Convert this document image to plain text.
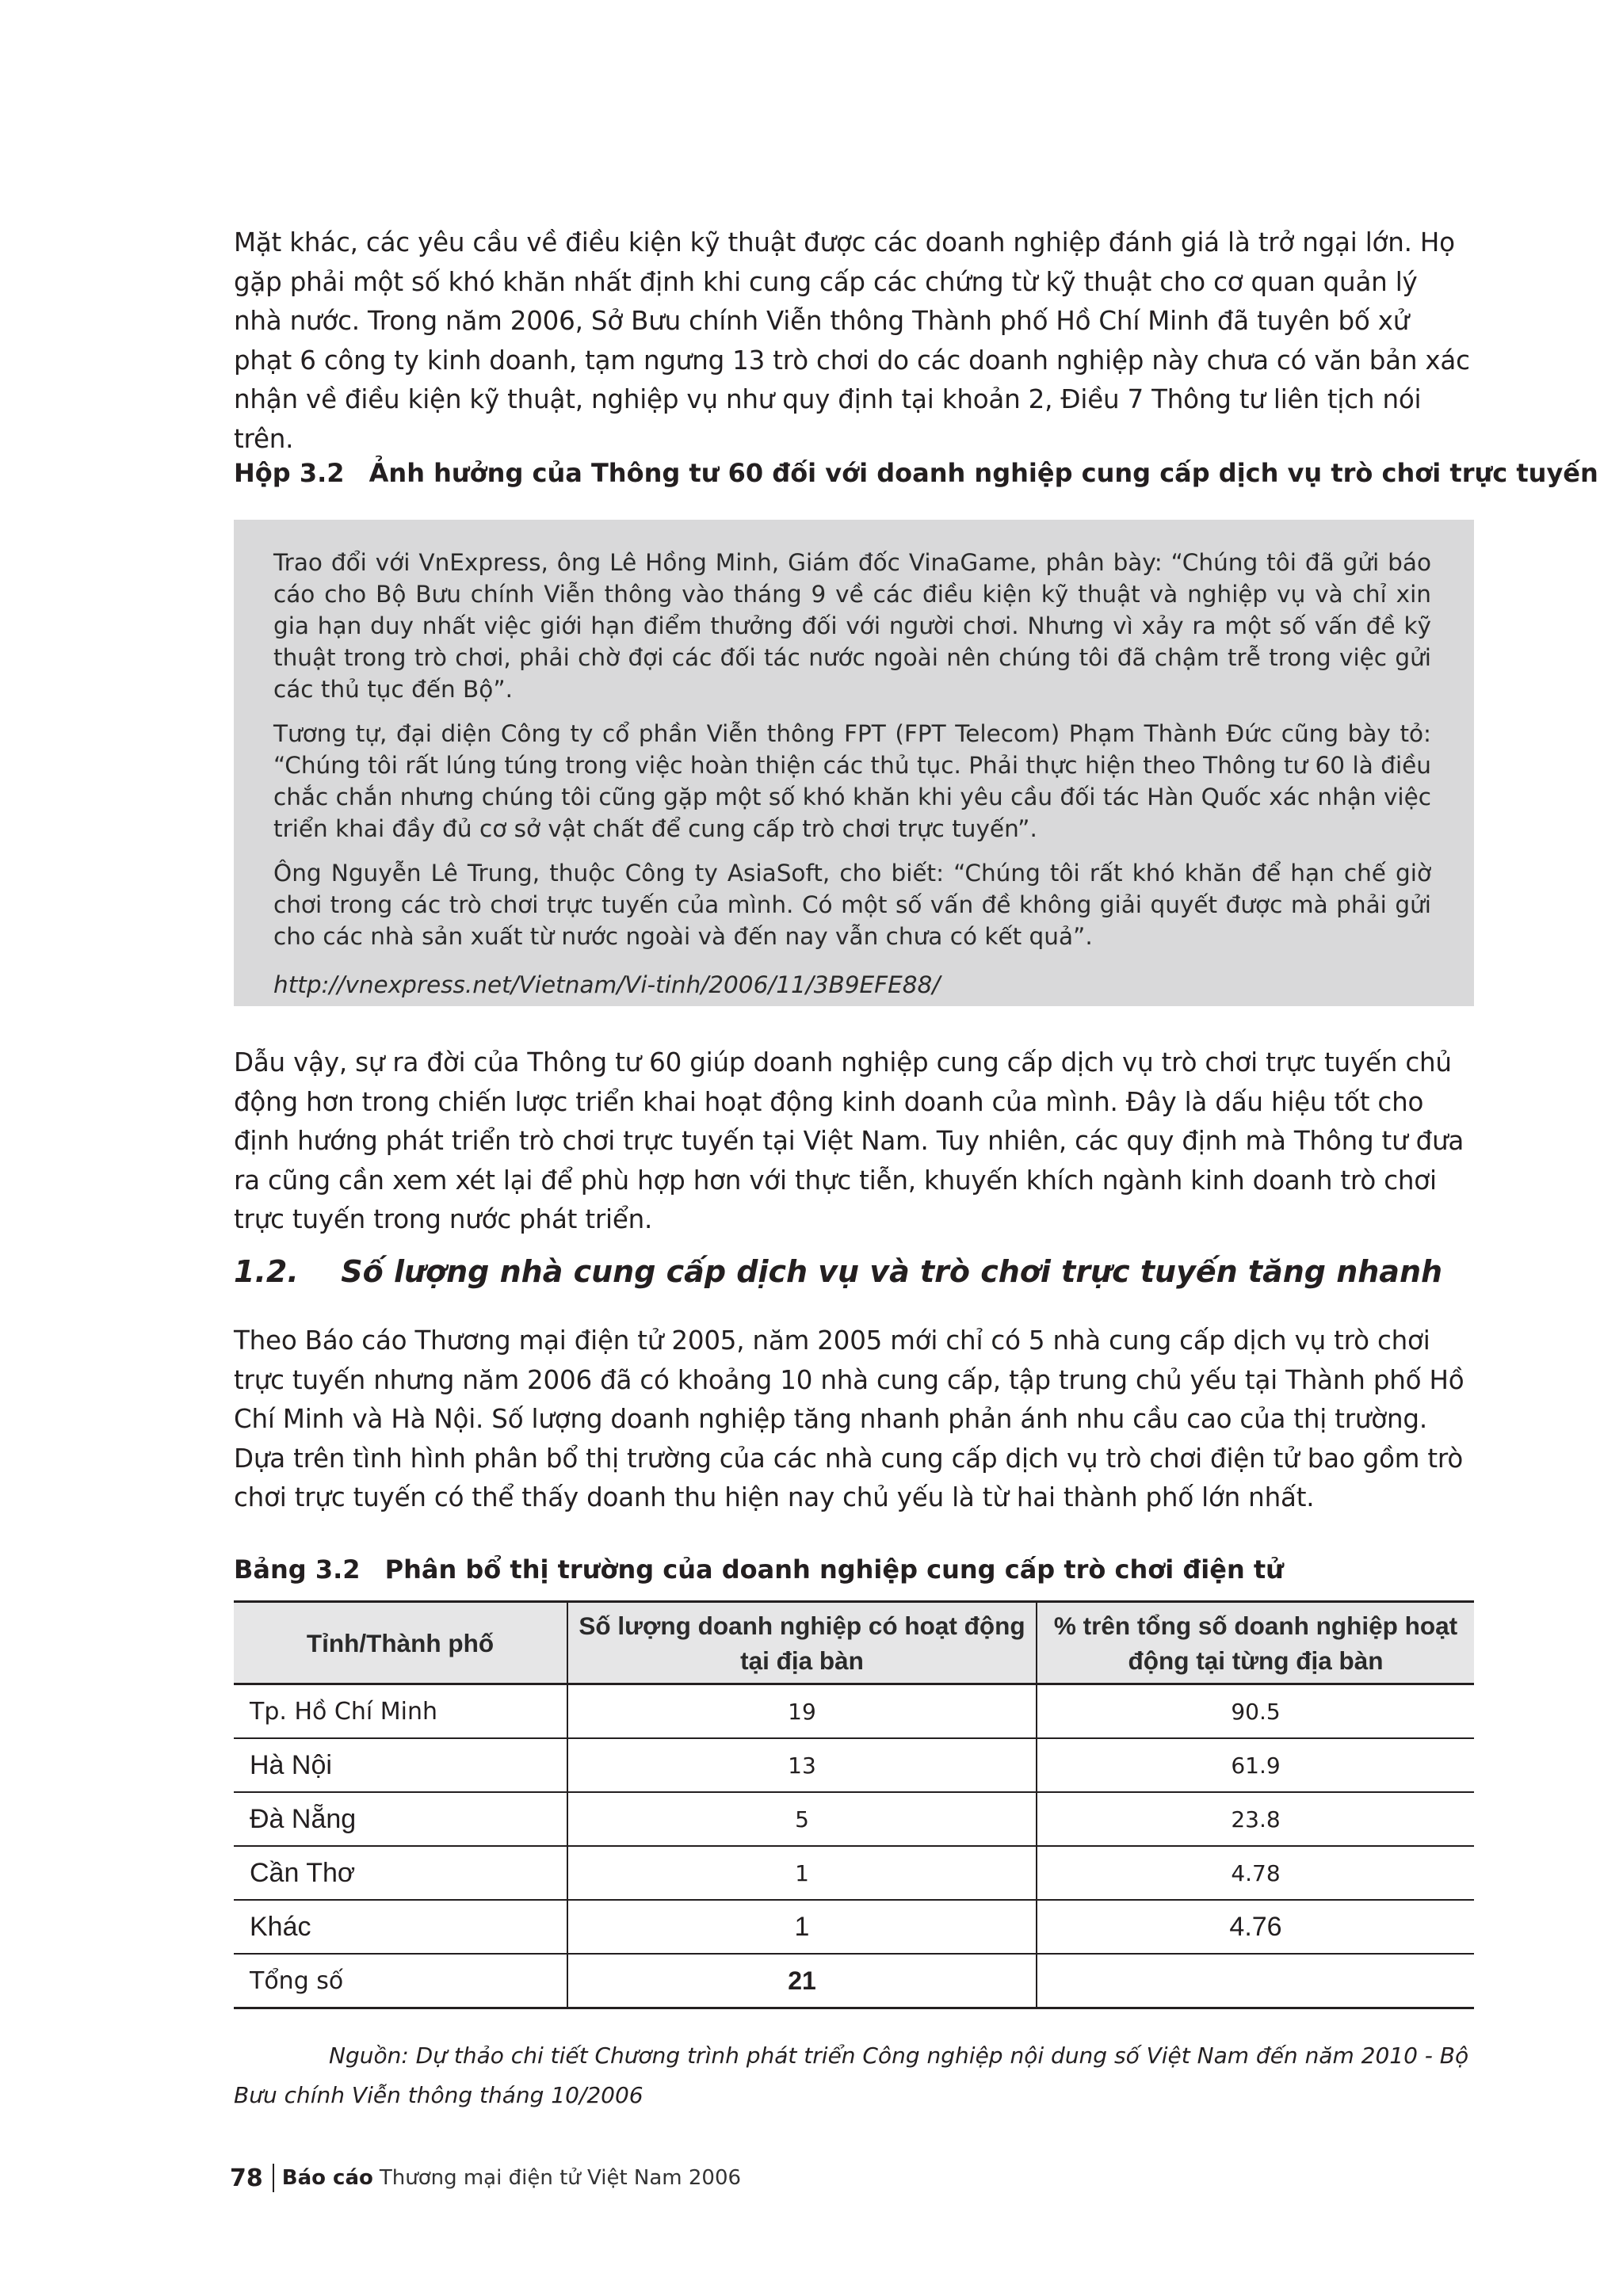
Mặt khác, các yêu cầu về điều kiện kỹ thuật được các doanh nghiệp đánh giá là trở ngại lớn. Họ gặp phải một số khó khăn nhất định khi cung cấp các chứng từ kỹ thuật cho cơ quan quản lý nhà nước. Trong năm 2006, Sở Bưu chính Viễn thông Thành phố Hồ Chí Minh đã tuyên bố xử phạt 6 công ty kinh doanh, tạm ngưng 13 trò chơi do các doanh nghiệp này chưa có văn bản xác nhận về điều kiện kỹ thuật, nghiệp vụ như quy định tại khoản 2, Điều 7 Thông tư liên tịch nói trên.

Hộp 3.2 Ảnh hưởng của Thông tư 60 đối với doanh nghiệp cung cấp dịch vụ trò chơi trực tuyến

Trao đổi với VnExpress, ông Lê Hồng Minh, Giám đốc VinaGame, phân bày: “Chúng tôi đã gửi báo cáo cho Bộ Bưu chính Viễn thông vào tháng 9 về các điều kiện kỹ thuật và nghiệp vụ và chỉ xin gia hạn duy nhất việc giới hạn điểm thưởng đối với người chơi. Nhưng vì xảy ra một số vấn đề kỹ thuật trong trò chơi, phải chờ đợi các đối tác nước ngoài nên chúng tôi đã chậm trễ trong việc gửi các thủ tục đến Bộ”.

Tương tự, đại diện Công ty cổ phần Viễn thông FPT (FPT Telecom) Phạm Thành Đức cũng bày tỏ: “Chúng tôi rất lúng túng trong việc hoàn thiện các thủ tục. Phải thực hiện theo Thông tư 60 là điều chắc chắn nhưng chúng tôi cũng gặp một số khó khăn khi yêu cầu đối tác Hàn Quốc xác nhận việc triển khai đầy đủ cơ sở vật chất để cung cấp trò chơi trực tuyến”.

Ông Nguyễn Lê Trung, thuộc Công ty AsiaSoft, cho biết: “Chúng tôi rất khó khăn để hạn chế giờ chơi trong các trò chơi trực tuyến của mình. Có một số vấn đề không giải quyết được mà phải gửi cho các nhà sản xuất từ nước ngoài và đến nay vẫn chưa có kết quả”.

http://vnexpress.net/Vietnam/Vi-tinh/2006/11/3B9EFE88/

Dẫu vậy, sự ra đời của Thông tư 60 giúp doanh nghiệp cung cấp dịch vụ trò chơi trực tuyến chủ động hơn trong chiến lược triển khai hoạt động kinh doanh của mình. Đây là dấu hiệu tốt cho định hướng phát triển trò chơi trực tuyến tại Việt Nam. Tuy nhiên, các quy định mà Thông tư đưa ra cũng cần xem xét lại để phù hợp hơn với thực tiễn, khuyến khích ngành kinh doanh trò chơi trực tuyến trong nước phát triển.

1.2. Số lượng nhà cung cấp dịch vụ và trò chơi trực tuyến tăng nhanh

Theo Báo cáo Thương mại điện tử 2005, năm 2005 mới chỉ có 5 nhà cung cấp dịch vụ trò chơi trực tuyến nhưng năm 2006 đã có khoảng 10 nhà cung cấp, tập trung chủ yếu tại Thành phố Hồ Chí Minh và Hà Nội. Số lượng doanh nghiệp tăng nhanh phản ánh nhu cầu cao của thị trường. Dựa trên tình hình phân bổ thị trường của các nhà cung cấp dịch vụ trò chơi điện tử bao gồm trò chơi trực tuyến có thể thấy doanh thu hiện nay chủ yếu là từ hai thành phố lớn nhất.

Bảng 3.2 Phân bổ thị trường của doanh nghiệp cung cấp trò chơi điện tử
Tỉnh/Thành phố	Số lượng doanh nghiệp có hoạt động tại địa bàn	% trên tổng số doanh nghiệp hoạt động tại từng địa bàn
Tp. Hồ Chí Minh	19	90.5
Hà Nội	13	61.9
Đà Nẵng	5	23.8
Cần Thơ	1	4.78
Khác	1	4.76
Tổng số	21	

Nguồn: Dự thảo chi tiết Chương trình phát triển Công nghiệp nội dung số Việt Nam đến năm 2010 - Bộ Bưu chính Viễn thông tháng 10/2006

78 Báo cáo Thương mại điện tử Việt Nam 2006
